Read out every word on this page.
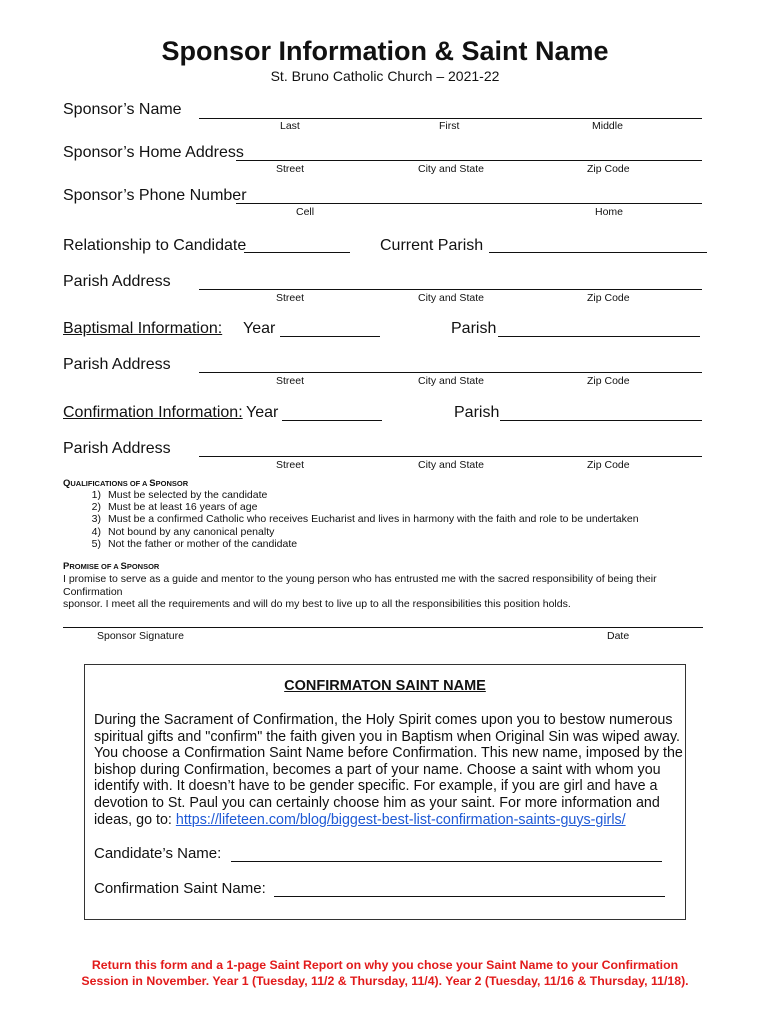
Sponsor Information & Saint Name
St. Bruno Catholic Church – 2021-22
Sponsor’s Name
Last	First	Middle
Sponsor’s Home Address
Street	City and State	Zip Code
Sponsor’s Phone Number
Cell	Home
Relationship to Candidate	Current Parish
Parish Address
Street	City and State	Zip Code
Baptismal Information: Year	Parish
Parish Address
Street	City and State	Zip Code
Confirmation Information: Year	Parish
Parish Address
Street	City and State	Zip Code
QUALIFICATIONS OF A SPONSOR
1) Must be selected by the candidate
2) Must be at least 16 years of age
3) Must be a confirmed Catholic who receives Eucharist and lives in harmony with the faith and role to be undertaken
4) Not bound by any canonical penalty
5) Not the father or mother of the candidate
PROMISE OF A SPONSOR
I promise to serve as a guide and mentor to the young person who has entrusted me with the sacred responsibility of being their Confirmation
sponsor. I meet all the requirements and will do my best to live up to all the responsibilities this position holds.
Sponsor Signature	Date
CONFIRMATON SAINT NAME
During the Sacrament of Confirmation, the Holy Spirit comes upon you to bestow numerous
spiritual gifts and "confirm" the faith given you in Baptism when Original Sin was wiped away.
You choose a Confirmation Saint Name before Confirmation. This new name, imposed by the
bishop during Confirmation, becomes a part of your name. Choose a saint with whom you
identify with. It doesn’t have to be gender specific. For example, if you are girl and have a
devotion to St. Paul you can certainly choose him as your saint. For more information and
ideas, go to: https://lifeteen.com/blog/biggest-best-list-confirmation-saints-guys-girls/
Candidate’s Name:
Confirmation Saint Name:
Return this form and a 1-page Saint Report on why you chose your Saint Name to your Confirmation
Session in November. Year 1 (Tuesday, 11/2 & Thursday, 11/4). Year 2 (Tuesday, 11/16 & Thursday, 11/18).
